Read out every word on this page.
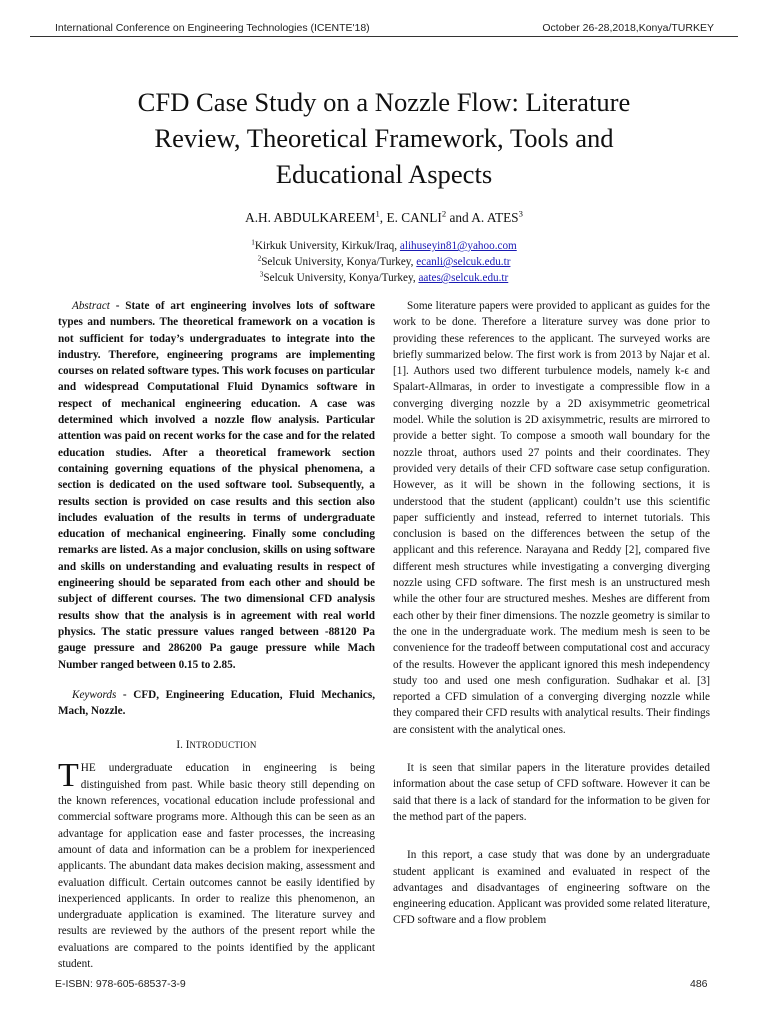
International Conference on Engineering Technologies (ICENTE'18)	October 26-28,2018,Konya/TURKEY
CFD Case Study on a Nozzle Flow: Literature
Review, Theoretical Framework, Tools and
Educational Aspects
A.H. ABDULKAREEM$^1$, E. CANLI$^2$ and A. ATES$^3$
$^1$Kirkuk University, Kirkuk/Iraq, alihuseyin81@yahoo.com
$^2$Selcuk University, Konya/Turkey, ecanli@selcuk.edu.tr
$^3$Selcuk University, Konya/Turkey, aates@selcuk.edu.tr

Abstract - State of art engineering involves lots of software types and numbers. The theoretical framework on a vocation is not sufficient for today’s undergraduates to integrate into the industry. Therefore, engineering programs are implementing courses on related software types. This work focuses on particular and widespread Computational Fluid Dynamics software in respect of mechanical engineering education. A case was determined which involved a nozzle flow analysis. Particular attention was paid on recent works for the case and for the related education studies. After a theoretical framework section containing governing equations of the physical phenomena, a section is dedicated on the used software tool. Subsequently, a results section is provided on case results and this section also includes evaluation of the results in terms of undergraduate education of mechanical engineering. Finally some concluding remarks are listed. As a major conclusion, skills on using software and skills on understanding and evaluating results in respect of engineering should be separated from each other and should be subject of different courses. The two dimensional CFD analysis results show that the analysis is in agreement with real world physics. The static pressure values ranged between -88120 Pa gauge pressure and 286200 Pa gauge pressure while Mach Number ranged between 0.15 to 2.85.

Keywords - CFD, Engineering Education, Fluid Mechanics, Mach, Nozzle.

I. INTRODUCTION
T HE undergraduate education in engineering is being distinguished from past. While basic theory still depending on the known references, vocational education include professional and commercial software programs more. Although this can be seen as an advantage for application ease and faster processes, the increasing amount of data and information can be a problem for inexperienced applicants. The abundant data makes decision making, assessment and evaluation difficult. Certain outcomes cannot be easily identified by inexperienced applicants. In order to realize this phenomenon, an undergraduate application is examined. The literature survey and results are reviewed by the authors of the present report while the evaluations are compared to the points identified by the applicant student.

Some literature papers were provided to applicant as guides for the work to be done. Therefore a literature survey was done prior to providing these references to the applicant. The surveyed works are briefly summarized below. The first work is from 2013 by Najar et al. [1]. Authors used two different turbulence models, namely k-ϵ and Spalart-Allmaras, in order to investigate a compressible flow in a converging diverging nozzle by a 2D axisymmetric geometrical model. While the solution is 2D axisymmetric, results are mirrored to provide a better sight. To compose a smooth wall boundary for the nozzle throat, authors used 27 points and their coordinates. They provided very details of their CFD software case setup configuration. However, as it will be shown in the following sections, it is understood that the student (applicant) couldn’t use this scientific paper sufficiently and instead, referred to internet tutorials. This conclusion is based on the differences between the setup of the applicant and this reference. Narayana and Reddy [2], compared five different mesh structures while investigating a converging diverging nozzle using CFD software. The first mesh is an unstructured mesh while the other four are structured meshes. Meshes are different from each other by their finer dimensions. The nozzle geometry is similar to the one in the undergraduate work. The medium mesh is seen to be convenience for the tradeoff between computational cost and accuracy of the results. However the applicant ignored this mesh independency study too and used one mesh configuration. Sudhakar et al. [3] reported a CFD simulation of a converging diverging nozzle while they compared their CFD results with analytical results. Their findings are consistent with the analytical ones.

It is seen that similar papers in the literature provides detailed information about the case setup of CFD software. However it can be said that there is a lack of standard for the information to be given for the method part of the papers.

In this report, a case study that was done by an undergraduate student applicant is examined and evaluated in respect of the advantages and disadvantages of engineering software on the engineering education. Applicant was provided some related literature, CFD software and a flow problem

E-ISBN: 978-605-68537-3-9	486
